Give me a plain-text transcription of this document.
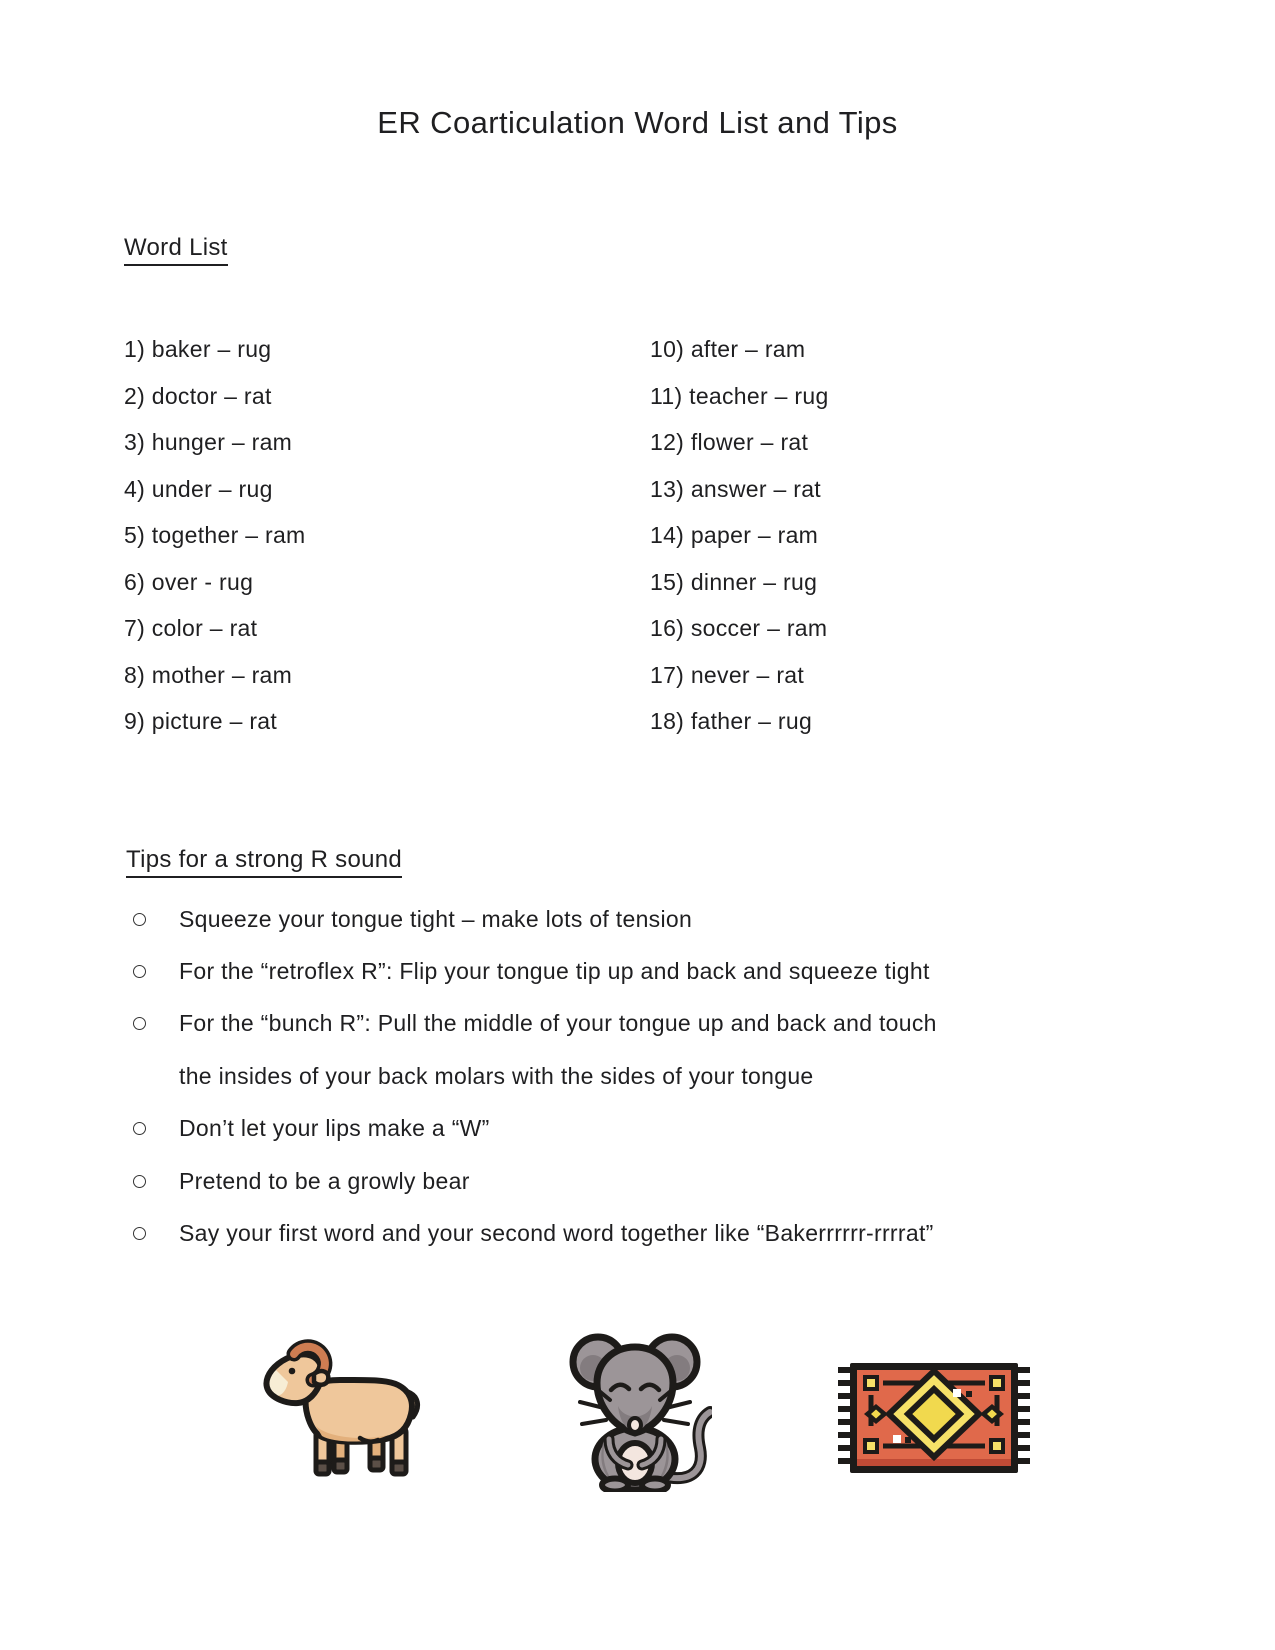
ER Coarticulation Word List and Tips
Word List
1) baker – rug
2) doctor – rat
3) hunger – ram
4) under – rug
5) together – ram
6) over - rug
7) color – rat
8) mother – ram
9) picture – rat
10) after – ram
11) teacher – rug
12) flower – rat
13) answer – rat
14) paper – ram
15) dinner – rug
16) soccer – ram
17) never – rat
18) father – rug
Tips for a strong R sound
Squeeze your tongue tight – make lots of tension
For the “retroflex R”: Flip your tongue tip up and back and squeeze tight
For the “bunch R”: Pull the middle of your tongue up and back and touch
the insides of your back molars with the sides of your tongue
Don’t let your lips make a “W”
Pretend to be a growly bear
Say your first word and your second word together like “Bakerrrrrr-rrrrat”
